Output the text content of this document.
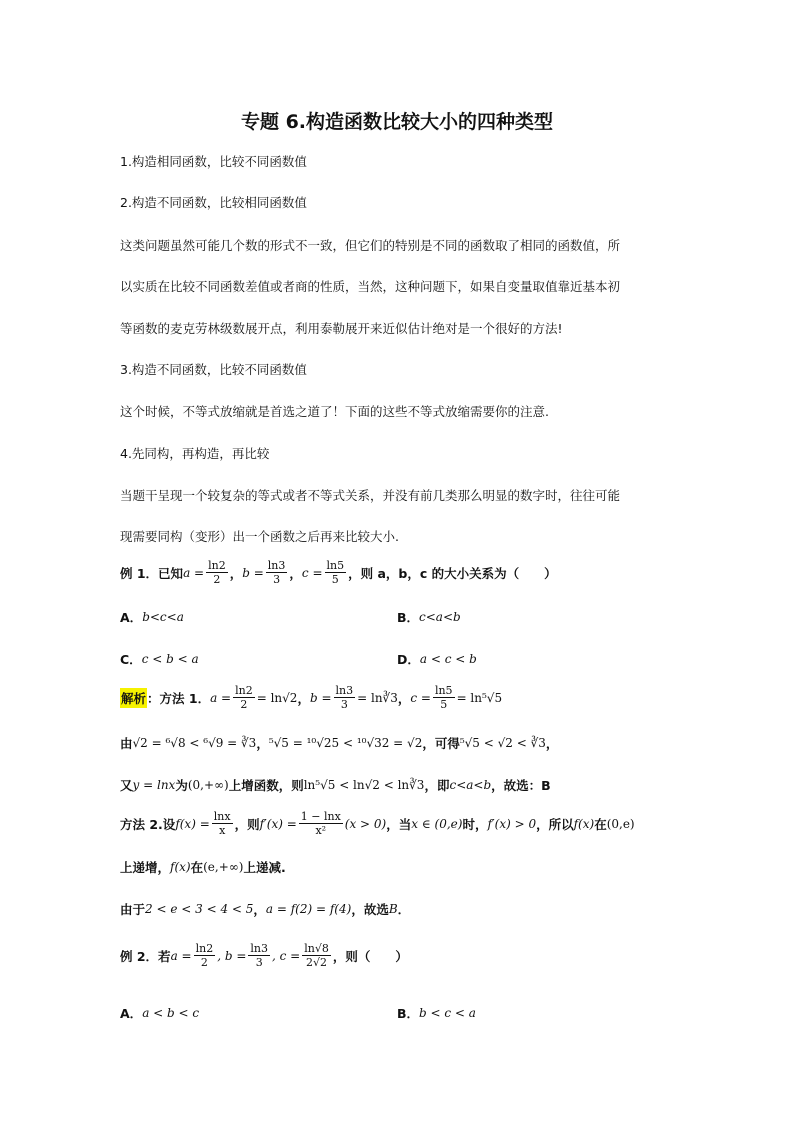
专题 6.构造函数比较大小的四种类型
1.构造相同函数，比较不同函数值
2.构造不同函数，比较相同函数值
这类问题虽然可能几个数的形式不一致，但它们的特别是不同的函数取了相同的函数值，所
以实质在比较不同函数差值或者商的性质，当然，这种问题下，如果自变量取值靠近基本初
等函数的麦克劳林级数展开点，利用泰勒展开来近似估计绝对是一个很好的方法!
3.构造不同函数，比较不同函数值
这个时候，不等式放缩就是首选之道了！下面的这些不等式放缩需要你的注意.
4.先同构，再构造，再比较
当题干呈现一个较复杂的等式或者不等式关系，并没有前几类那么明显的数字时，往往可能
现需要同构（变形）出一个函数之后再来比较大小.
例 1．已知 $a = \frac{\ln 2}{2}$ ， $b = \frac{\ln 3}{3}$ ， $c = \frac{\ln 5}{5}$ ，则 a，b，c 的大小关系为（　　）
A． b<c<a	B． c<a<b
C． c < b < a	D． a < c < b
解析 ：方法 1． $a = \frac{\ln 2}{2} = \ln√2$ ， $b = \frac{\ln 3}{3}$ = ln∛3 ， $c = \frac{\ln 5}{5} = \ln^5√5$
由 √2 = ⁶√8 < ⁶√9 = ∛3 ， ⁵√5 = ¹⁰√25 < ¹⁰√32 = √2 ，可得 ⁵√5 < √2 < ∛3 ，
又 y = lnx 为 (0,+∞) 上增函数，则 ln⁵√5 < ln√2 < ln∛3 ，即 c<a<b ，故选：B
方法 2.设 $f(x) = \frac{\ln x}{x}$ ，则 $f'(x) = \frac{1 - \ln x}{\text{x²}} (x > 0)$ ，当 x ∈ (0,e) 时， f′(x) > 0 ，所以 f(x) 在 (0,e)
上递增， f(x) 在 (e,+∞) 上递减.
由于 2 < e < 3 < 4 < 5 ， a = f(2) = f(4) ，故选 B ．
例 2．若 $a = \frac{\ln 2}{2}$ , $b = \frac{\ln 3}{3}$ , $c = \frac{\ln√8}{2√2}$ ，则（　　）
A． a < b < c	B． b < c < a
